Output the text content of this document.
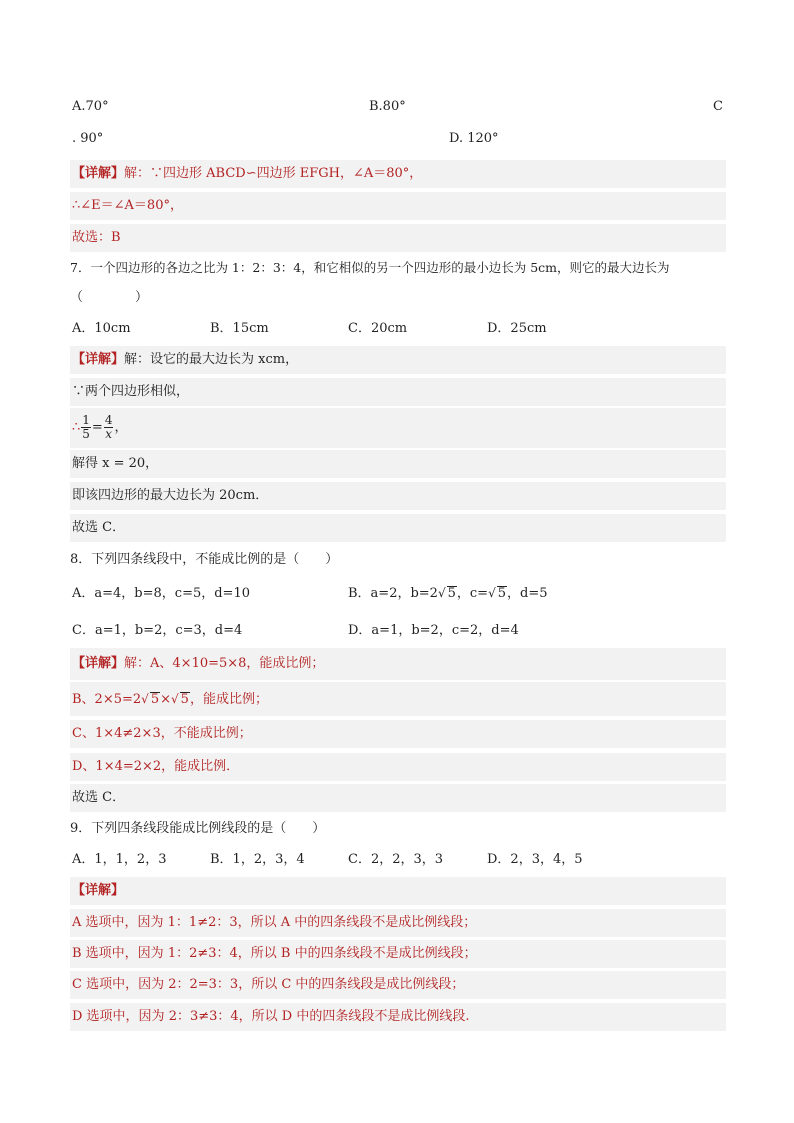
A.70°	B.80°	C
. 90°	D. 120°
【详解】解：∵四边形 ABCD∽四边形 EFGH，∠A＝80°，
∴∠E＝∠A＝80°，
故选：B
7．一个四边形的各边之比为 1：2：3：4，和它相似的另一个四边形的最小边长为 5cm，则它的最大边长为
（　　　　）
A．10cm	B．15cm	C．20cm	D．25cm
【详解】解：设它的最大边长为 xcm，
∵两个四边形相似，
∴ $\frac{1}{5} = \frac{4}{x}$ ，
解得 x = 20，
即该四边形的最大边长为 20cm．
故选 C．
8．下列四条线段中，不能成比例的是（　　）
A．a=4，b=8，c=5，d=10	B．a=2，b=2√ 5，c=√ 5，d=5
C．a=1，b=2，c=3，d=4	D．a=1，b=2，c=2，d=4
【详解】解：A、4×10=5×8，能成比例；
B、2×5=2√ 5×√ 5，能成比例；
C、1×4≠2×3，不能成比例；
D、1×4=2×2，能成比例．
故选 C．
9．下列四条线段能成比例线段的是（　　）
A．1，1，2，3	B．1，2，3，4	C．2，2，3，3	D．2，3，4，5
【详解】
A 选项中，因为 1：1≠2：3，所以 A 中的四条线段不是成比例线段；
B 选项中，因为 1：2≠3：4，所以 B 中的四条线段不是成比例线段；
C 选项中，因为 2：2=3：3，所以 C 中的四条线段是成比例线段；
D 选项中，因为 2：3≠3：4，所以 D 中的四条线段不是成比例线段.
